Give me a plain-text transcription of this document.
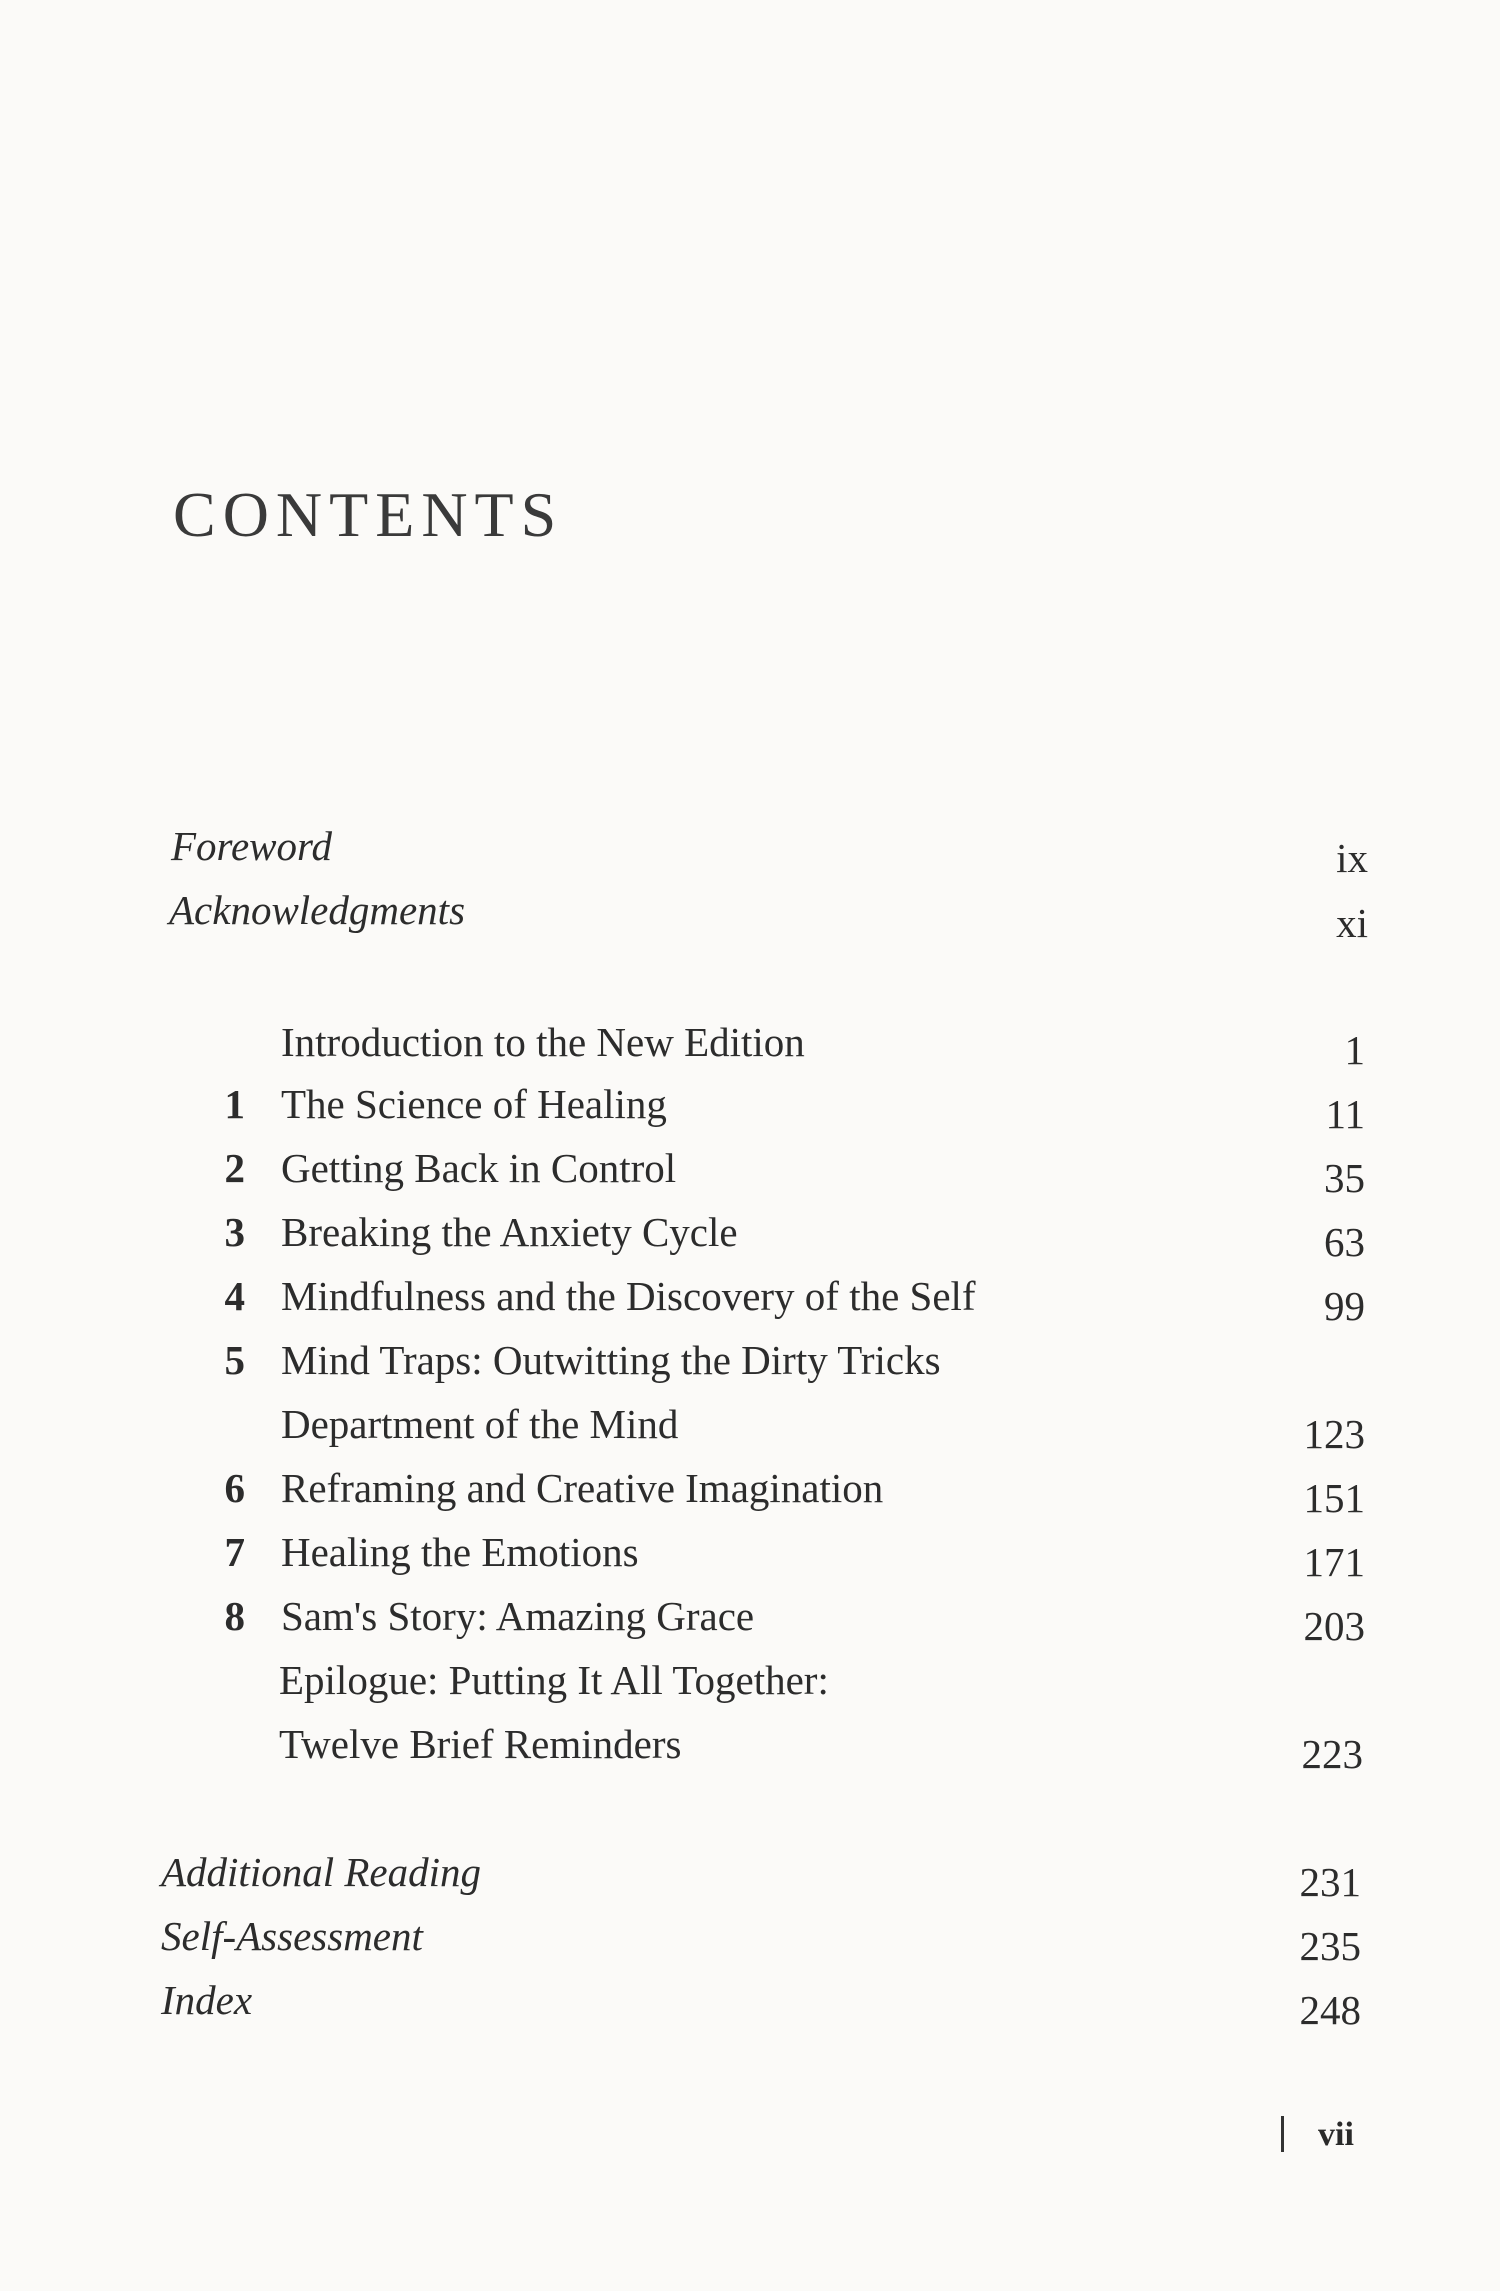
CONTENTS
Foreword	ix
Acknowledgments	xi
Introduction to the New Edition	1
1 The Science of Healing	11
2 Getting Back in Control	35
3 Breaking the Anxiety Cycle	63
4 Mindfulness and the Discovery of the Self	99
5 Mind Traps: Outwitting the Dirty Tricks
Department of the Mind	123
6 Reframing and Creative Imagination	151
7 Healing the Emotions	171
8 Sam's Story: Amazing Grace	203
Epilogue: Putting It All Together:
Twelve Brief Reminders	223
Additional Reading	231
Self-Assessment	235
Index	248
vii
